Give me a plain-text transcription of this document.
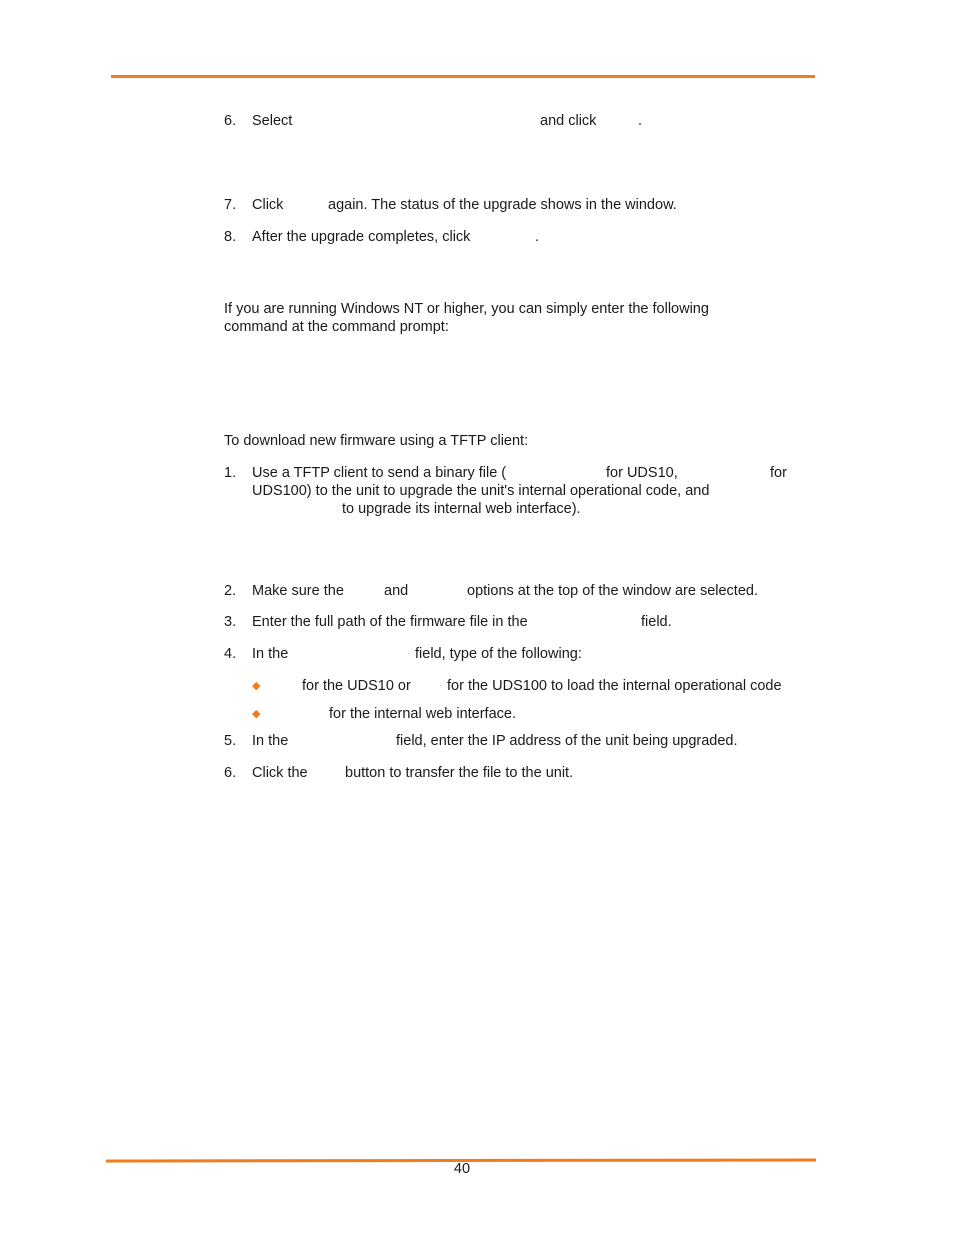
6. Select	and click	.
7. Click	again. The status of the upgrade shows in the window.
8. After the upgrade completes, click	.
If you are running Windows NT or higher, you can simply enter the following
command at the command prompt:
To download new firmware using a TFTP client:
1. Use a TFTP client to send a binary file (	for UDS10,	for
UDS100) to the unit to upgrade the unit's internal operational code, and
to upgrade its internal web interface).
2. Make sure the	and	options at the top of the window are selected.
3. Enter the full path of the firmware file in the	field.
4. In the	field, type of the following:
◆	for the UDS10 or for the UDS100 to load the internal operational code
◆	for the internal web interface.
5. In the	field, enter the IP address of the unit being upgraded.
6. Click the	button to transfer the file to the unit.
40
